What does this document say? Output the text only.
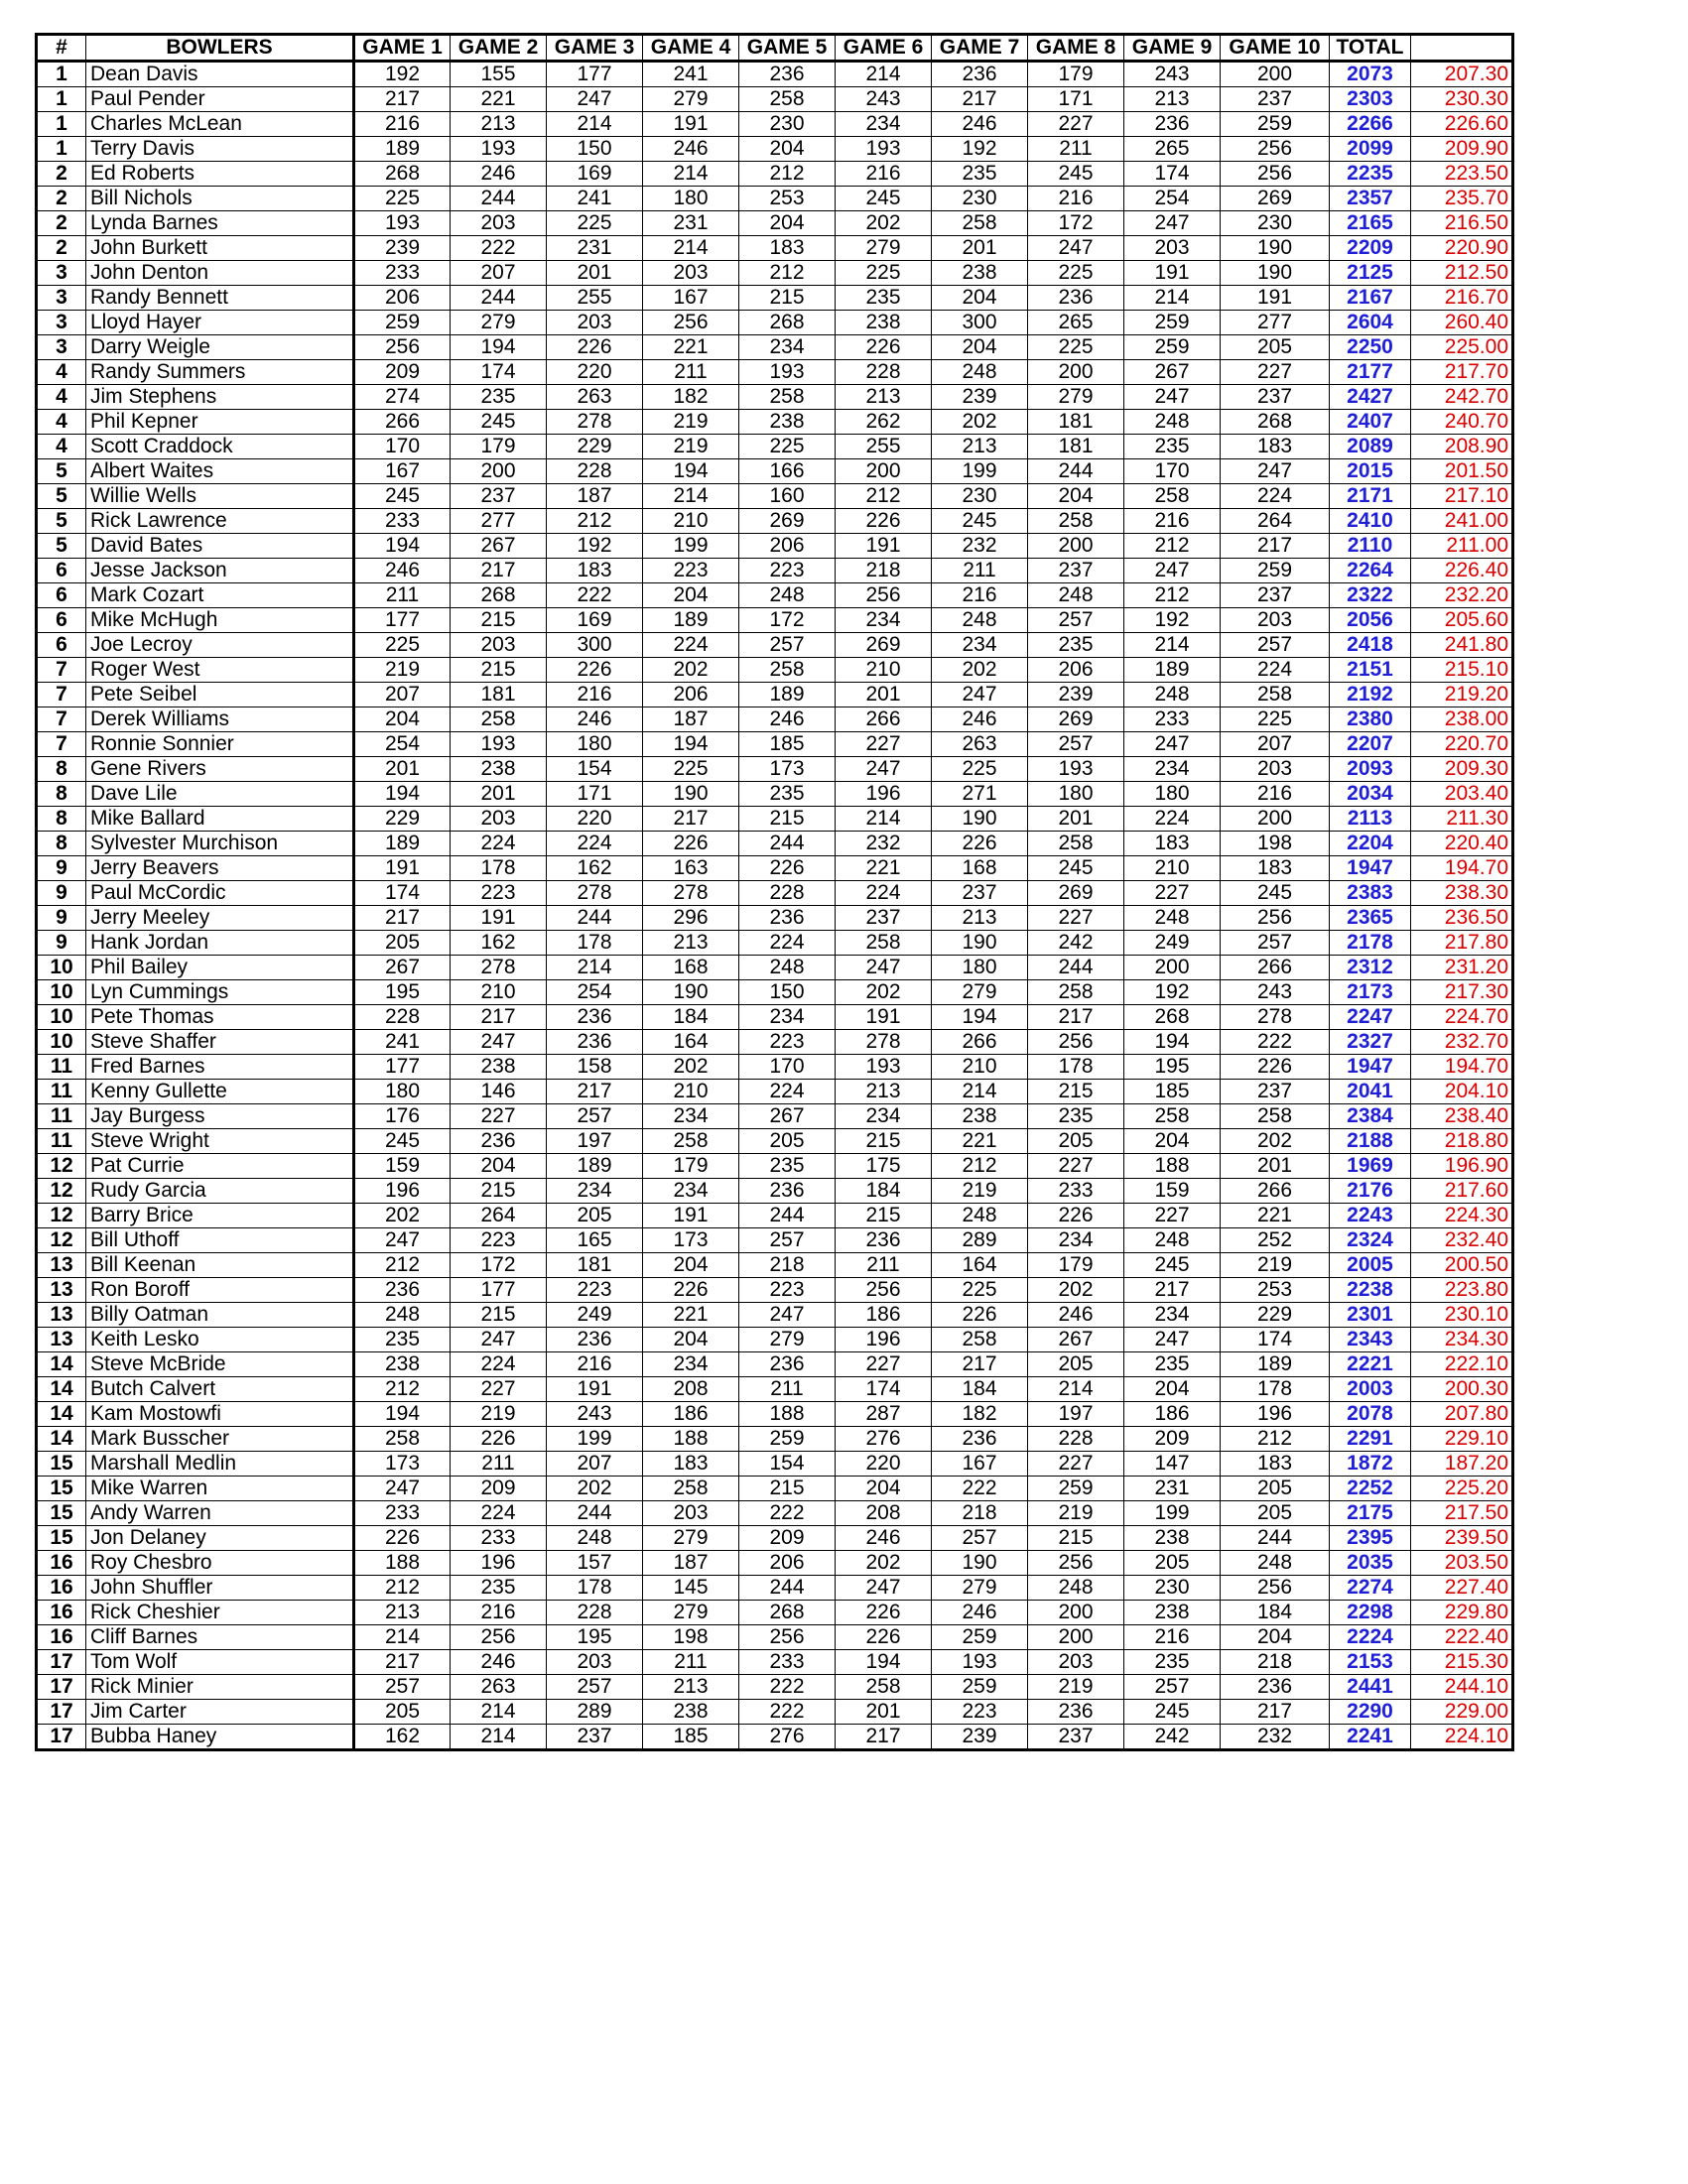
#	BOWLERS	GAME 1	GAME 2	GAME 3	GAME 4	GAME 5	GAME 6	GAME 7	GAME 8	GAME 9	GAME 10	TOTAL	
1	Dean Davis	192	155	177	241	236	214	236	179	243	200	2073	207.30
1	Paul Pender	217	221	247	279	258	243	217	171	213	237	2303	230.30
1	Charles McLean	216	213	214	191	230	234	246	227	236	259	2266	226.60
1	Terry Davis	189	193	150	246	204	193	192	211	265	256	2099	209.90
2	Ed Roberts	268	246	169	214	212	216	235	245	174	256	2235	223.50
2	Bill Nichols	225	244	241	180	253	245	230	216	254	269	2357	235.70
2	Lynda Barnes	193	203	225	231	204	202	258	172	247	230	2165	216.50
2	John Burkett	239	222	231	214	183	279	201	247	203	190	2209	220.90
3	John Denton	233	207	201	203	212	225	238	225	191	190	2125	212.50
3	Randy Bennett	206	244	255	167	215	235	204	236	214	191	2167	216.70
3	Lloyd Hayer	259	279	203	256	268	238	300	265	259	277	2604	260.40
3	Darry Weigle	256	194	226	221	234	226	204	225	259	205	2250	225.00
4	Randy Summers	209	174	220	211	193	228	248	200	267	227	2177	217.70
4	Jim Stephens	274	235	263	182	258	213	239	279	247	237	2427	242.70
4	Phil Kepner	266	245	278	219	238	262	202	181	248	268	2407	240.70
4	Scott Craddock	170	179	229	219	225	255	213	181	235	183	2089	208.90
5	Albert Waites	167	200	228	194	166	200	199	244	170	247	2015	201.50
5	Willie Wells	245	237	187	214	160	212	230	204	258	224	2171	217.10
5	Rick Lawrence	233	277	212	210	269	226	245	258	216	264	2410	241.00
5	David Bates	194	267	192	199	206	191	232	200	212	217	2110	211.00
6	Jesse Jackson	246	217	183	223	223	218	211	237	247	259	2264	226.40
6	Mark Cozart	211	268	222	204	248	256	216	248	212	237	2322	232.20
6	Mike McHugh	177	215	169	189	172	234	248	257	192	203	2056	205.60
6	Joe Lecroy	225	203	300	224	257	269	234	235	214	257	2418	241.80
7	Roger West	219	215	226	202	258	210	202	206	189	224	2151	215.10
7	Pete Seibel	207	181	216	206	189	201	247	239	248	258	2192	219.20
7	Derek Williams	204	258	246	187	246	266	246	269	233	225	2380	238.00
7	Ronnie Sonnier	254	193	180	194	185	227	263	257	247	207	2207	220.70
8	Gene Rivers	201	238	154	225	173	247	225	193	234	203	2093	209.30
8	Dave Lile	194	201	171	190	235	196	271	180	180	216	2034	203.40
8	Mike Ballard	229	203	220	217	215	214	190	201	224	200	2113	211.30
8	Sylvester Murchison	189	224	224	226	244	232	226	258	183	198	2204	220.40
9	Jerry Beavers	191	178	162	163	226	221	168	245	210	183	1947	194.70
9	Paul McCordic	174	223	278	278	228	224	237	269	227	245	2383	238.30
9	Jerry Meeley	217	191	244	296	236	237	213	227	248	256	2365	236.50
9	Hank Jordan	205	162	178	213	224	258	190	242	249	257	2178	217.80
10	Phil Bailey	267	278	214	168	248	247	180	244	200	266	2312	231.20
10	Lyn Cummings	195	210	254	190	150	202	279	258	192	243	2173	217.30
10	Pete Thomas	228	217	236	184	234	191	194	217	268	278	2247	224.70
10	Steve Shaffer	241	247	236	164	223	278	266	256	194	222	2327	232.70
11	Fred Barnes	177	238	158	202	170	193	210	178	195	226	1947	194.70
11	Kenny Gullette	180	146	217	210	224	213	214	215	185	237	2041	204.10
11	Jay Burgess	176	227	257	234	267	234	238	235	258	258	2384	238.40
11	Steve Wright	245	236	197	258	205	215	221	205	204	202	2188	218.80
12	Pat Currie	159	204	189	179	235	175	212	227	188	201	1969	196.90
12	Rudy Garcia	196	215	234	234	236	184	219	233	159	266	2176	217.60
12	Barry Brice	202	264	205	191	244	215	248	226	227	221	2243	224.30
12	Bill Uthoff	247	223	165	173	257	236	289	234	248	252	2324	232.40
13	Bill Keenan	212	172	181	204	218	211	164	179	245	219	2005	200.50
13	Ron Boroff	236	177	223	226	223	256	225	202	217	253	2238	223.80
13	Billy Oatman	248	215	249	221	247	186	226	246	234	229	2301	230.10
13	Keith Lesko	235	247	236	204	279	196	258	267	247	174	2343	234.30
14	Steve McBride	238	224	216	234	236	227	217	205	235	189	2221	222.10
14	Butch Calvert	212	227	191	208	211	174	184	214	204	178	2003	200.30
14	Kam Mostowfi	194	219	243	186	188	287	182	197	186	196	2078	207.80
14	Mark Busscher	258	226	199	188	259	276	236	228	209	212	2291	229.10
15	Marshall Medlin	173	211	207	183	154	220	167	227	147	183	1872	187.20
15	Mike Warren	247	209	202	258	215	204	222	259	231	205	2252	225.20
15	Andy Warren	233	224	244	203	222	208	218	219	199	205	2175	217.50
15	Jon Delaney	226	233	248	279	209	246	257	215	238	244	2395	239.50
16	Roy Chesbro	188	196	157	187	206	202	190	256	205	248	2035	203.50
16	John Shuffler	212	235	178	145	244	247	279	248	230	256	2274	227.40
16	Rick Cheshier	213	216	228	279	268	226	246	200	238	184	2298	229.80
16	Cliff Barnes	214	256	195	198	256	226	259	200	216	204	2224	222.40
17	Tom Wolf	217	246	203	211	233	194	193	203	235	218	2153	215.30
17	Rick Minier	257	263	257	213	222	258	259	219	257	236	2441	244.10
17	Jim Carter	205	214	289	238	222	201	223	236	245	217	2290	229.00
17	Bubba Haney	162	214	237	185	276	217	239	237	242	232	2241	224.10
